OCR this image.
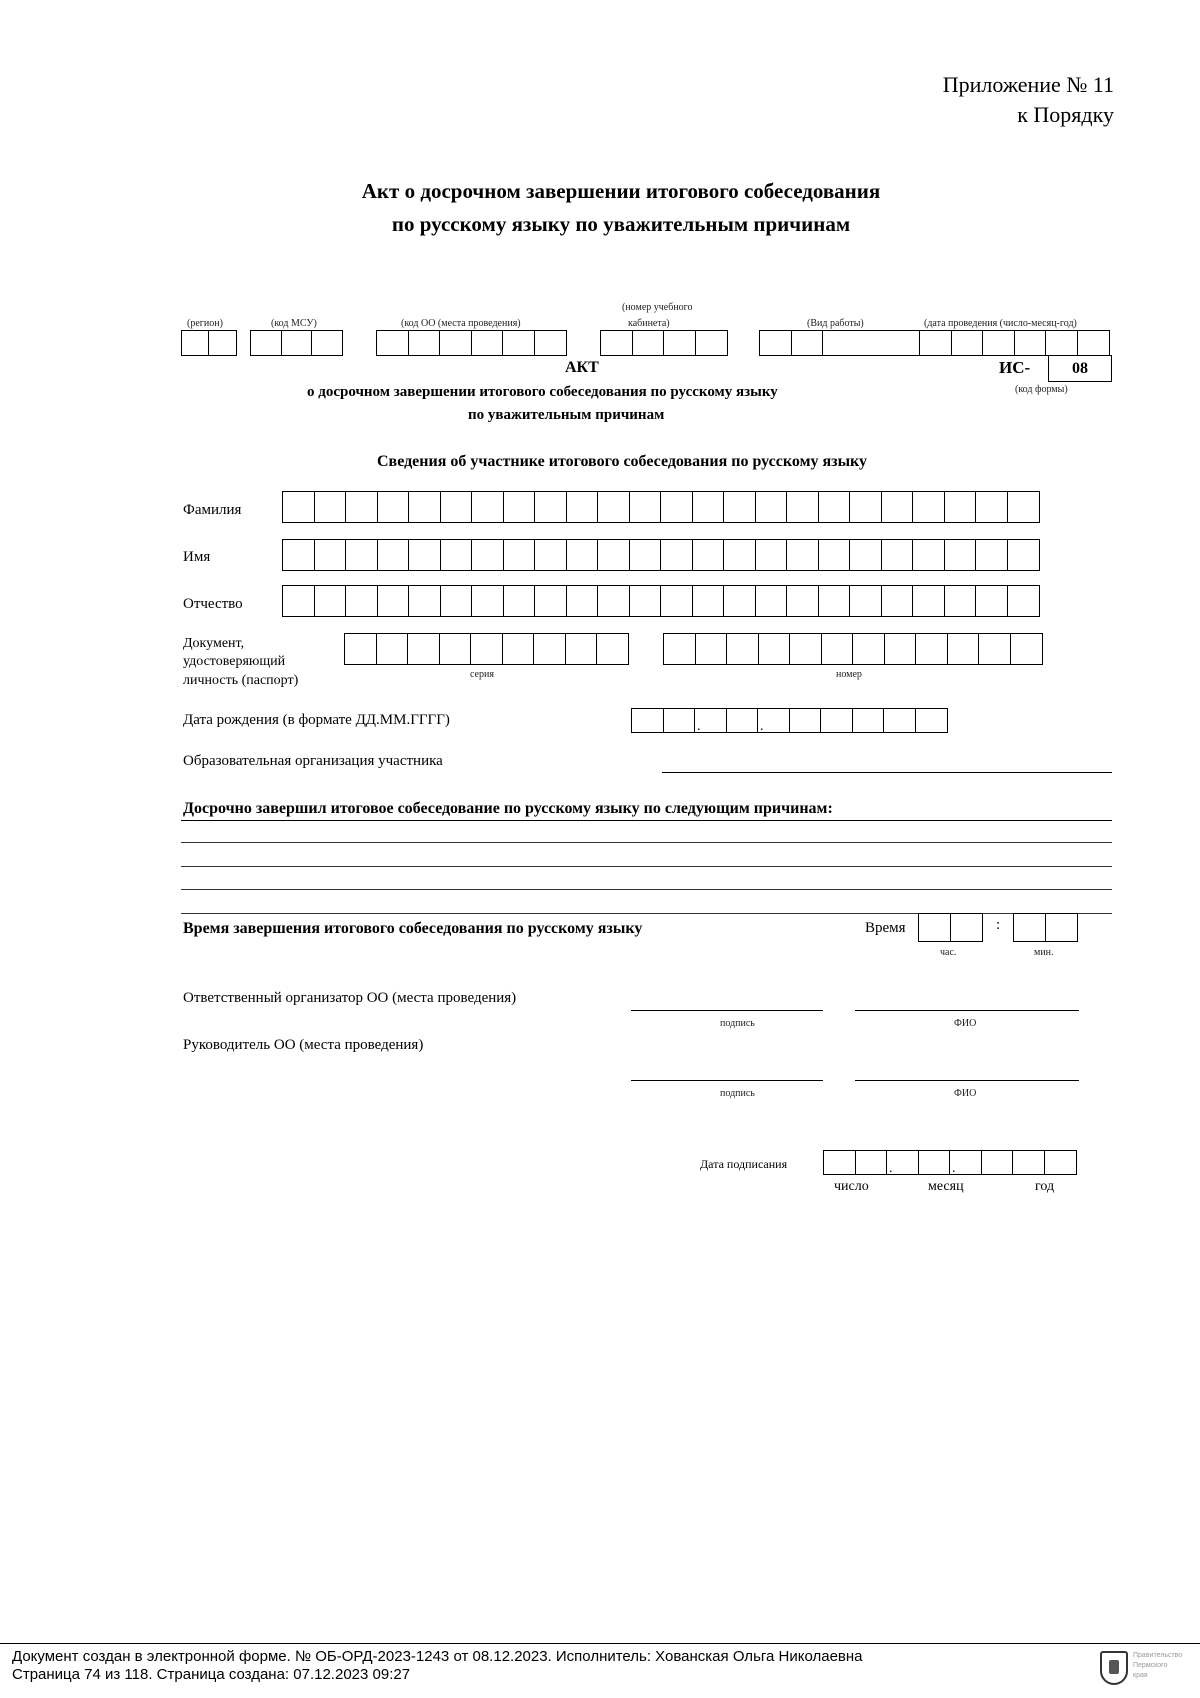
Приложение № 11
к Порядку
Акт о досрочном завершении итогового собеседования
по русскому языку по уважительным причинам
(регион)	(код МСУ)	(код ОО (места проведения)
(номер учебного
кабинета)	(Вид работы)	(дата проведения (число-месяц-год)
ИС-	08
(код формы)
АКТ
о досрочном завершении итогового собеседования по русскому языку
по уважительным причинам
Сведения об участнике итогового собеседования по русскому языку
Фамилия
Имя
Отчество
Документ,
удостоверяющий
личность (паспорт)	серия	номер
Дата рождения (в формате ДД.ММ.ГГГГ)
.
.
Образовательная организация участника
Досрочно завершил итоговое собеседование по русскому языку по следующим причинам:
Время завершения итогового собеседования по русскому языку	Время	:
час.	мин.
Ответственный организатор ОО (места проведения)
подпись	ФИО
Руководитель ОО (места проведения)
подпись	ФИО
Дата подписания
.
.
число	месяц	год
Документ создан в электронной форме. № ОБ-ОРД-2023-1243 от 08.12.2023. Исполнитель: Хованская Ольга Николаевна
Страница 74 из 118. Страница создана: 07.12.2023 09:27
Правительство
Пермского
края
